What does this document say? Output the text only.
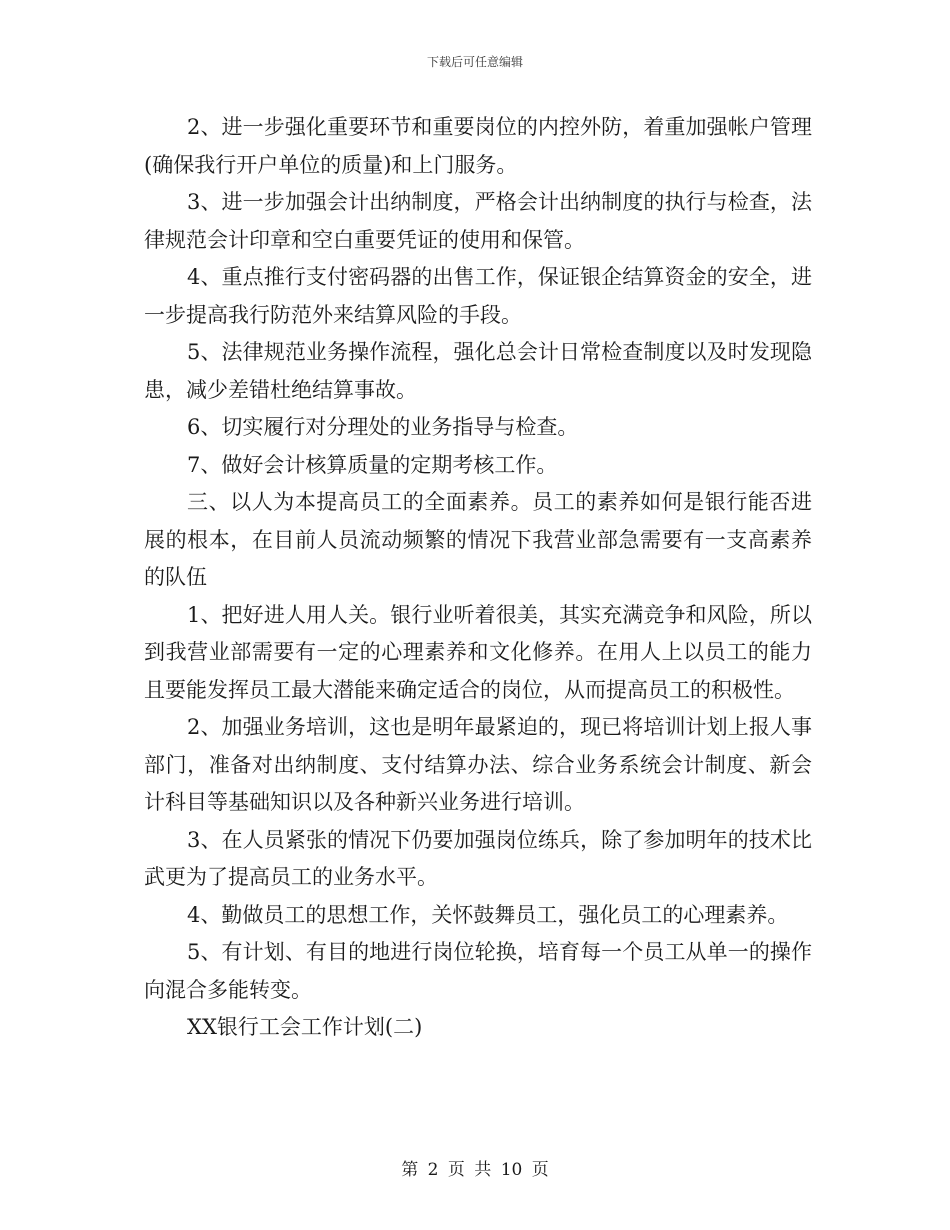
下载后可任意编辑

2、进一步强化重要环节和重要岗位的内控外防，着重加强帐户管理(确保我行开户单位的质量)和上门服务。

3、进一步加强会计出纳制度，严格会计出纳制度的执行与检查，法律规范会计印章和空白重要凭证的使用和保管。

4、重点推行支付密码器的出售工作，保证银企结算资金的安全，进一步提高我行防范外来结算风险的手段。

5、法律规范业务操作流程，强化总会计日常检查制度以及时发现隐患，减少差错杜绝结算事故。

6、切实履行对分理处的业务指导与检查。

7、做好会计核算质量的定期考核工作。

三、以人为本提高员工的全面素养。员工的素养如何是银行能否进展的根本，在目前人员流动频繁的情况下我营业部急需要有一支高素养的队伍

1、把好进人用人关。银行业听着很美，其实充满竞争和风险，所以到我营业部需要有一定的心理素养和文化修养。在用人上以员工的能力且要能发挥员工最大潜能来确定适合的岗位，从而提高员工的积极性。

2、加强业务培训，这也是明年最紧迫的，现已将培训计划上报人事部门，准备对出纳制度、支付结算办法、综合业务系统会计制度、新会计科目等基础知识以及各种新兴业务进行培训。

3、在人员紧张的情况下仍要加强岗位练兵，除了参加明年的技术比武更为了提高员工的业务水平。

4、勤做员工的思想工作，关怀鼓舞员工，强化员工的心理素养。

5、有计划、有目的地进行岗位轮换，培育每一个员工从单一的操作向混合多能转变。

XX银行工会工作计划(二)

第 2 页 共 10 页
